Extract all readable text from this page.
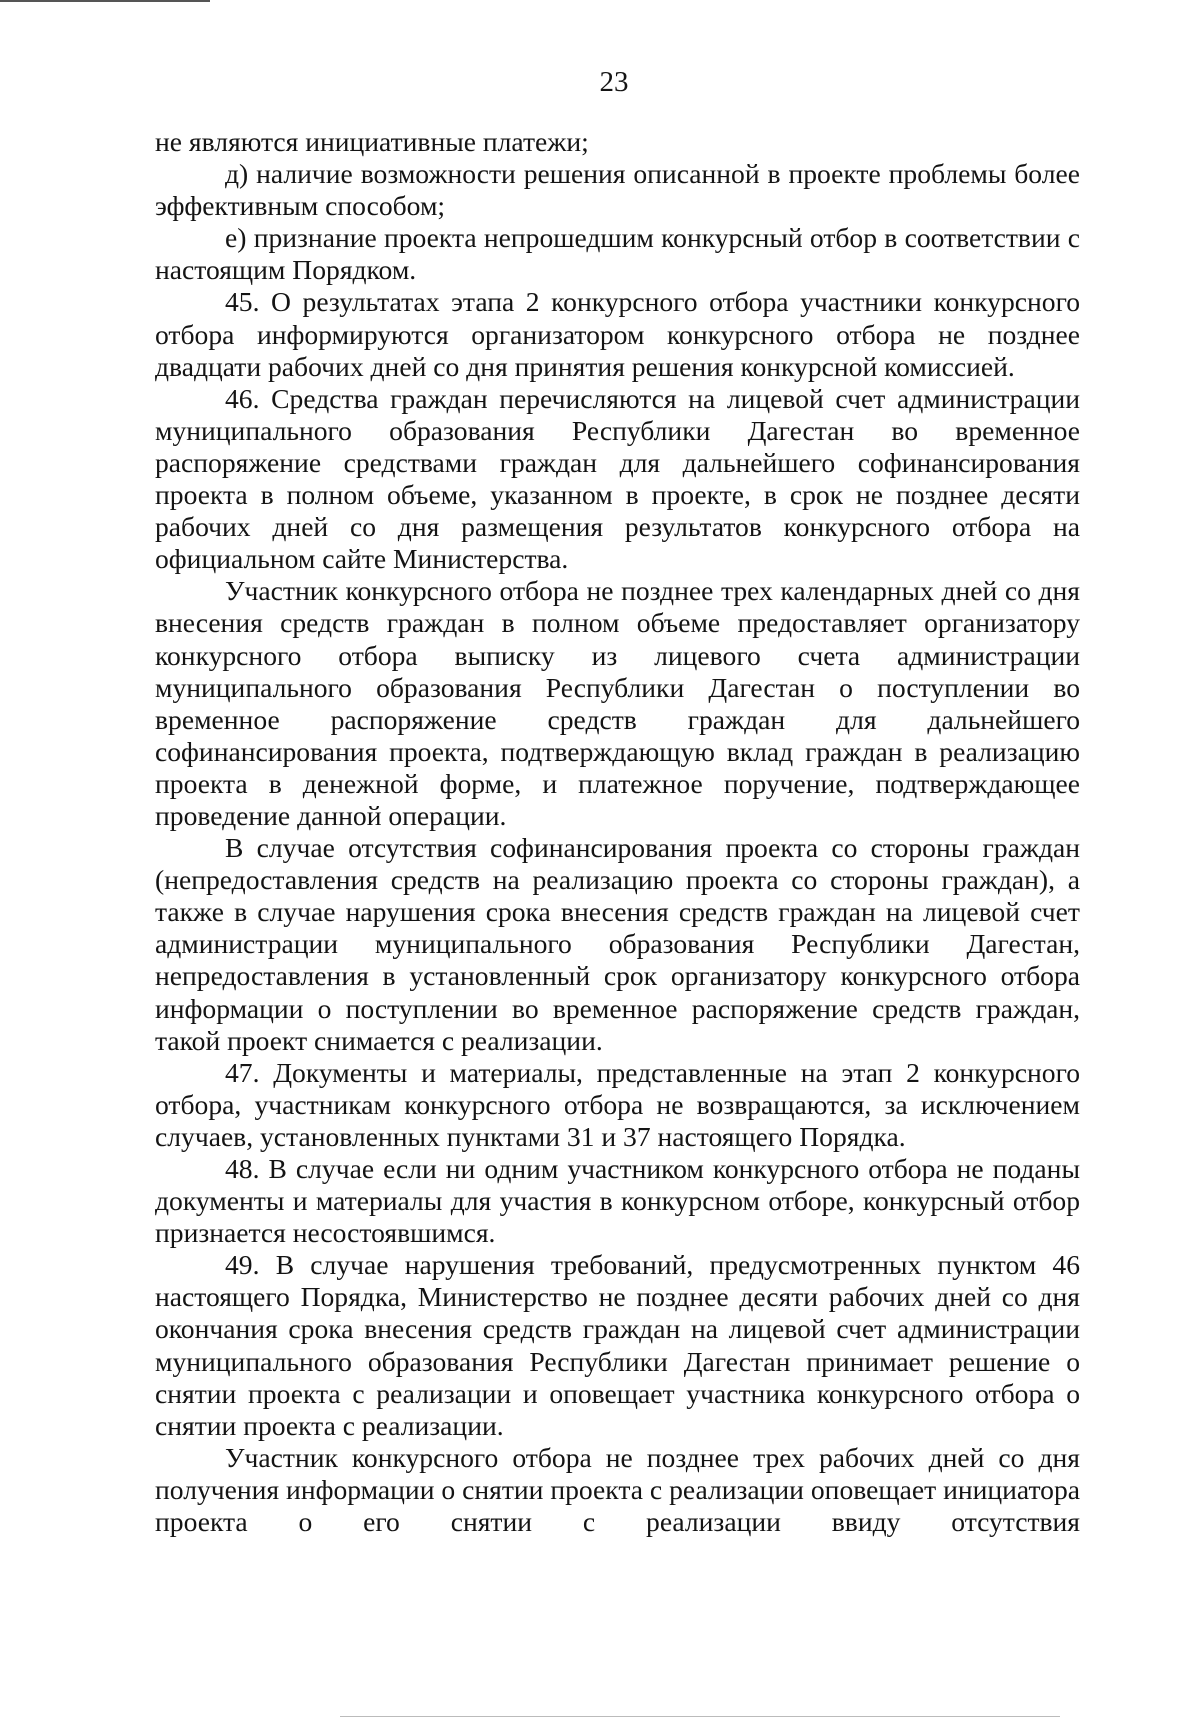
23

не являются инициативные платежи;

д) наличие возможности решения описанной в проекте проблемы более эффективным способом;

е) признание проекта непрошедшим конкурсный отбор в соответствии с настоящим Порядком.

45. О результатах этапа 2 конкурсного отбора участники конкурсного отбора информируются организатором конкурсного отбора не позднее двадцати рабочих дней со дня принятия решения конкурсной комиссией.

46. Средства граждан перечисляются на лицевой счет администрации муниципального образования Республики Дагестан во временное распоряжение средствами граждан для дальнейшего софинансирования проекта в полном объеме, указанном в проекте, в срок не позднее десяти рабочих дней со дня размещения результатов конкурсного отбора на официальном сайте Министерства.

Участник конкурсного отбора не позднее трех календарных дней со дня внесения средств граждан в полном объеме предоставляет организатору конкурсного отбора выписку из лицевого счета администрации муниципального образования Республики Дагестан о поступлении во временное распоряжение средств граждан для дальнейшего софинансирования проекта, подтверждающую вклад граждан в реализацию проекта в денежной форме, и платежное поручение, подтверждающее проведение данной операции.

В случае отсутствия софинансирования проекта со стороны граждан (непредоставления средств на реализацию проекта со стороны граждан), а также в случае нарушения срока внесения средств граждан на лицевой счет администрации муниципального образования Республики Дагестан, непредоставления в установленный срок организатору конкурсного отбора информации о поступлении во временное распоряжение средств граждан, такой проект снимается с реализации.

47. Документы и материалы, представленные на этап 2 конкурсного отбора, участникам конкурсного отбора не возвращаются, за исключением случаев, установленных пунктами 31 и 37 настоящего Порядка.

48. В случае если ни одним участником конкурсного отбора не поданы документы и материалы для участия в конкурсном отборе, конкурсный отбор признается несостоявшимся.

49. В случае нарушения требований, предусмотренных пунктом 46 настоящего Порядка, Министерство не позднее десяти рабочих дней со дня окончания срока внесения средств граждан на лицевой счет администрации муниципального образования Республики Дагестан принимает решение о снятии проекта с реализации и оповещает участника конкурсного отбора о снятии проекта с реализации.

Участник конкурсного отбора не позднее трех рабочих дней со дня получения информации о снятии проекта с реализации оповещает инициатора проекта о его снятии с реализации ввиду отсутствия
